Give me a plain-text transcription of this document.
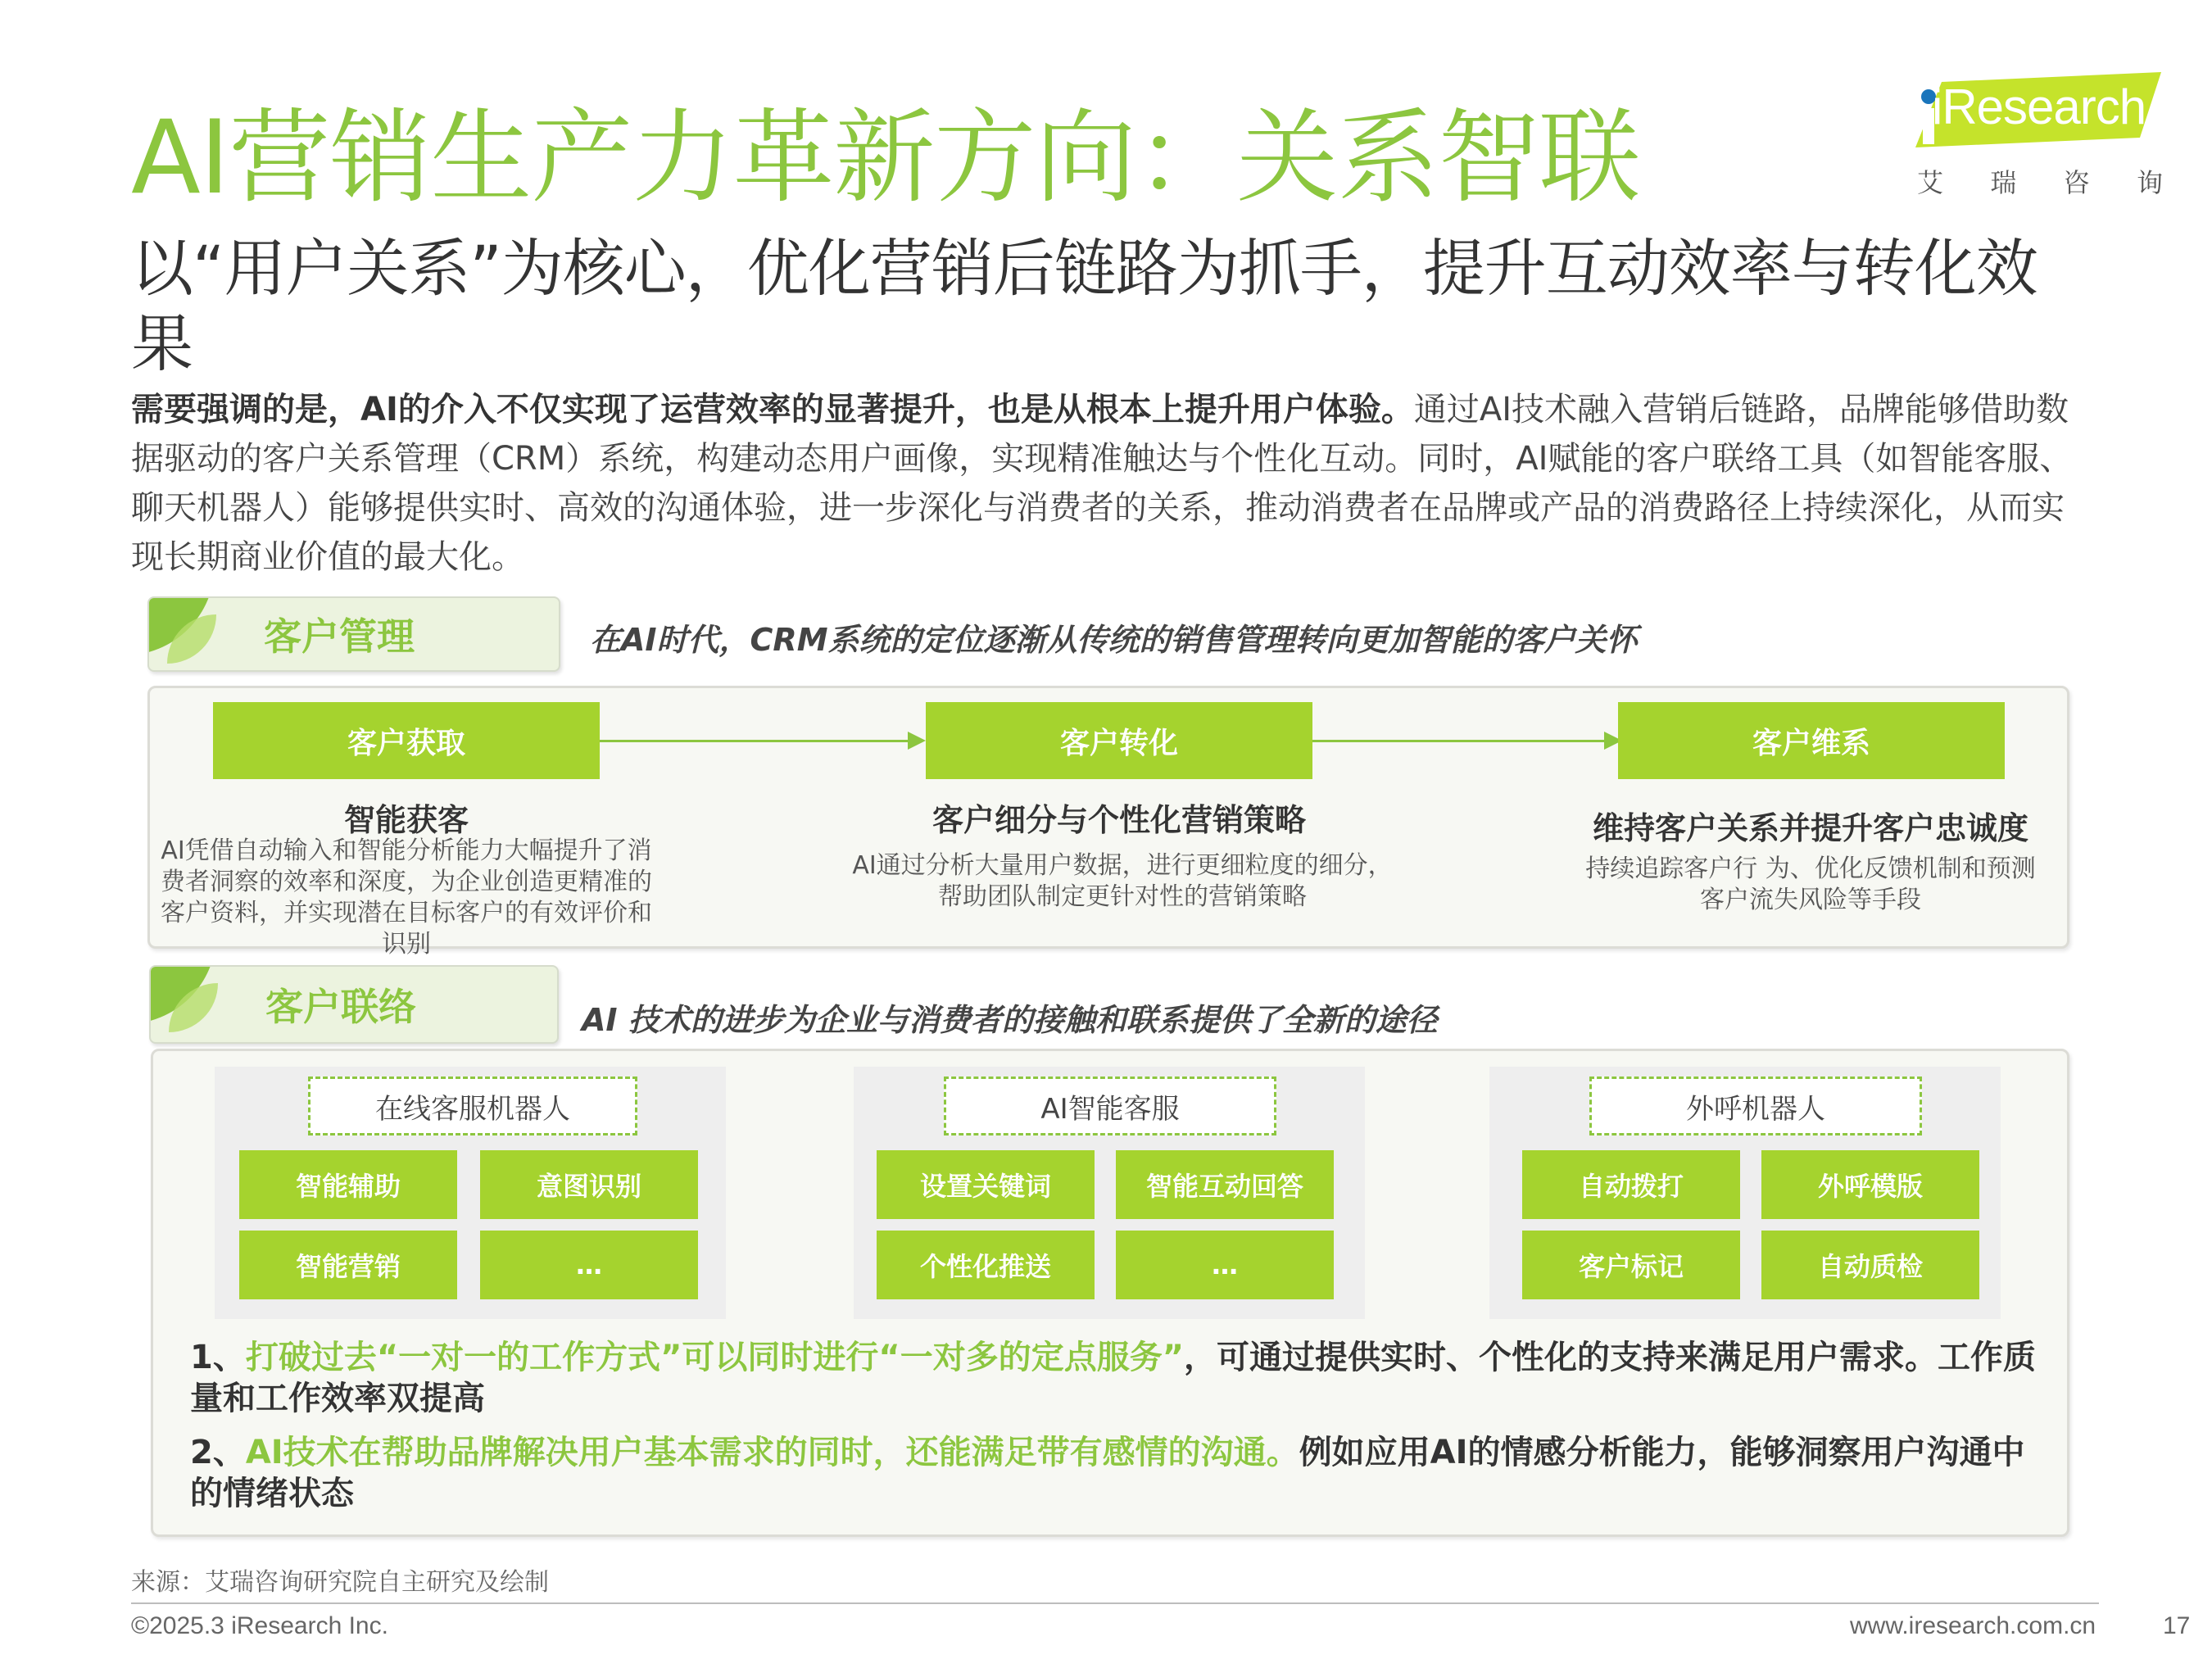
AI营销生产力革新方向：关系智联
以“用户关系”为核心，优化营销后链路为抓手，提升互动效率与转化效果
需要强调的是，AI的介入不仅实现了运营效率的显著提升，也是从根本上提升用户体验。通过AI技术融入营销后链路，品牌能够借助数据驱动的客户关系管理（CRM）系统，构建动态用户画像，实现精准触达与个性化互动。同时，AI赋能的客户联络工具（如智能客服、聊天机器人）能够提供实时、高效的沟通体验，进一步深化与消费者的关系，推动消费者在品牌或产品的消费路径上持续深化，从而实现长期商业价值的最大化。
iResearch
艾 瑞 咨 询
客户管理	在AI时代，CRM系统的定位逐渐从传统的销售管理转向更加智能的客户关怀
客户获取	客户转化	客户维系
智能获客
AI凭借自动输入和智能分析能力大幅提升了消费者洞察的效率和深度，为企业创造更精准的客户资料，并实现潜在目标客户的有效评价和识别
客户细分与个性化营销策略
AI通过分析大量用户数据，进行更细粒度的细分，帮助团队制定更针对性的营销策略
维持客户关系并提升客户忠诚度
持续追踪客户行 为、优化反馈机制和预测客户流失风险等手段
客户联络	AI 技术的进步为企业与消费者的接触和联系提供了全新的途径
在线客服机器人
智能辅助	意图识别
智能营销	…
AI智能客服
设置关键词	智能互动回答
个性化推送	…
外呼机器人
自动拨打	外呼模版
客户标记	自动质检
1、打破过去“一对一的工作方式”可以同时进行“一对多的定点服务”，可通过提供实时、个性化的支持来满足用户需求。工作质量和工作效率双提高
2、AI技术在帮助品牌解决用户基本需求的同时，还能满足带有感情的沟通。例如应用AI的情感分析能力，能够洞察用户沟通中的情绪状态
来源：艾瑞咨询研究院自主研究及绘制
©2025.3 iResearch Inc.	www.iresearch.com.cn	17
